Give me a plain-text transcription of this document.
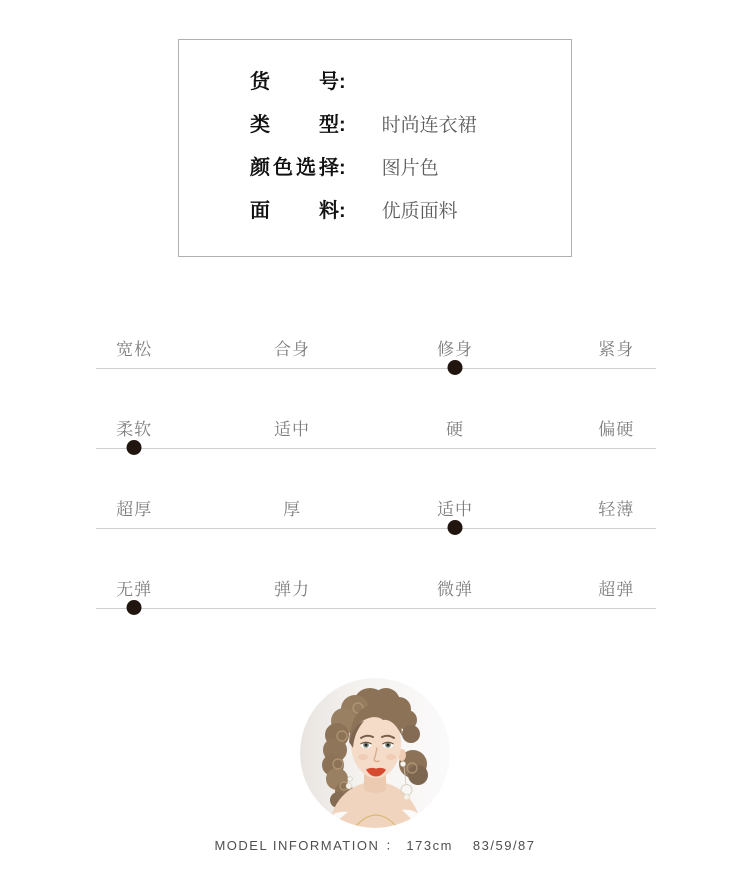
货号:
类型: 时尚连衣裙
颜色选择: 图片色
面料: 优质面料
宽松	合身	修身	紧身
柔软	适中	硬	偏硬
超厚	厚	适中	轻薄
无弹	弹力	微弹	超弹
MODEL INFORMATION ： 173cm 83/59/87
